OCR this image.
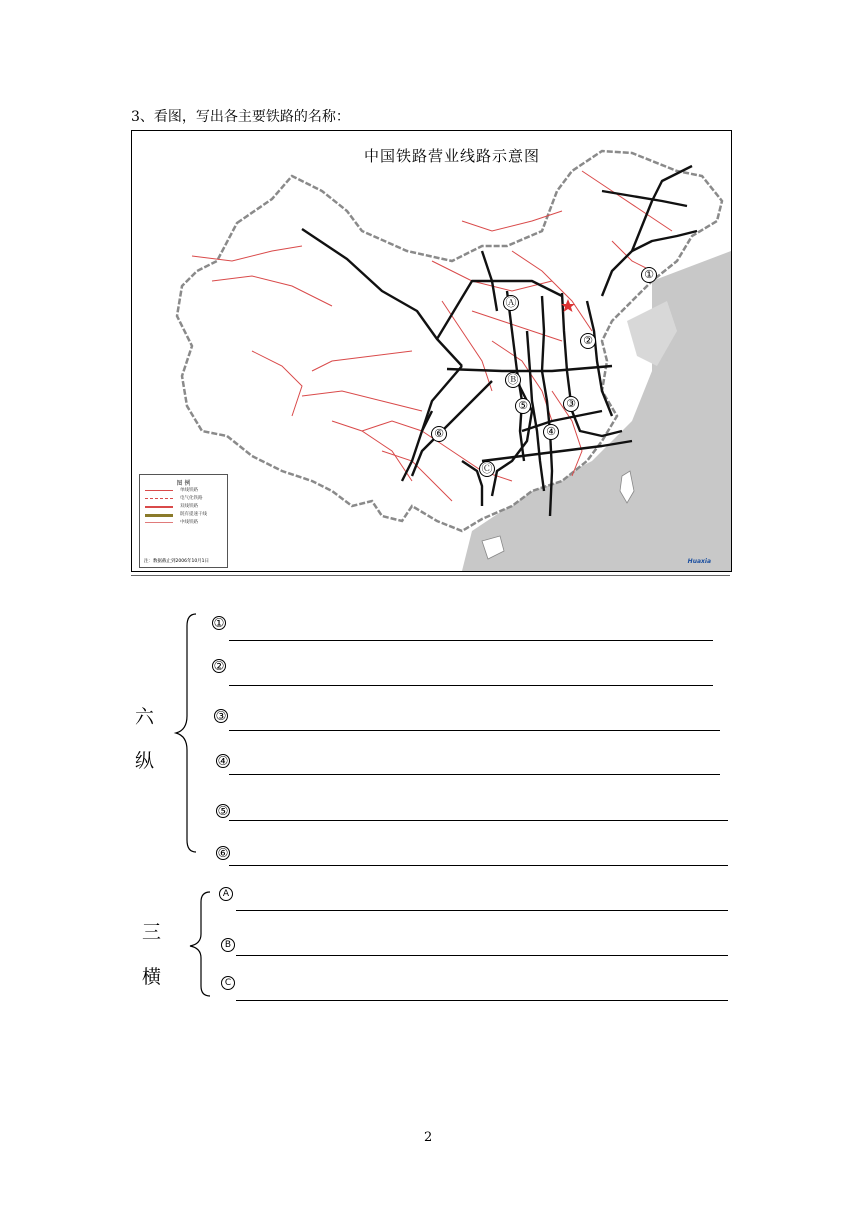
3、看图，写出各主要铁路的名称：
中国铁路营业线路示意图
①
②
③
④
⑤
⑥
Ⓐ
Ⓑ
Ⓒ
图 例
单线铁路
电气化铁路
双线铁路
既有提速干线
中线铁路
注：数据截止到2006年10月1日	Huaxia
六
纵
①
②
③
④
⑤
⑥
三
横
A
B
C
2
